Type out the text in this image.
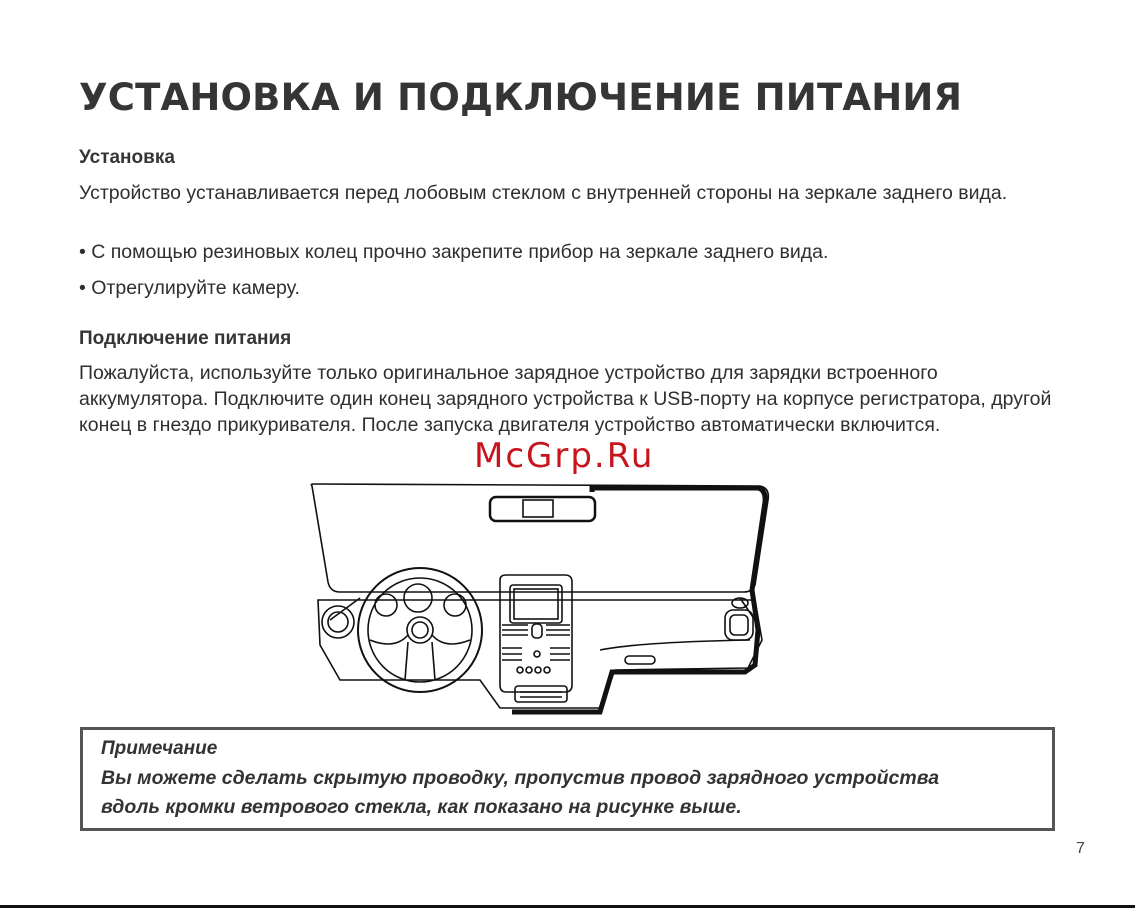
УСТАНОВКА И ПОДКЛЮЧЕНИЕ ПИТАНИЯ
Установка

Устройство устанавливается перед лобовым стеклом с внутренней стороны на зеркале заднего вида.

• С помощью резиновых колец прочно закрепите прибор на зеркале заднего вида.

• Отрегулируйте камеру.

Подключение питания

Пожалуйста, используйте только оригинальное зарядное устройство для зарядки встроенного аккумулятора. Подключите один конец зарядного устройства к USB-порту на корпусе регистратора, другой конец в гнездо прикуривателя. После запуска двигателя устройство автоматически включится.

McGrp.Ru

Примечание

Вы можете сделать скрытую проводку, пропустив провод зарядного устройства

вдоль кромки ветрового стекла, как показано на рисунке выше.

7
